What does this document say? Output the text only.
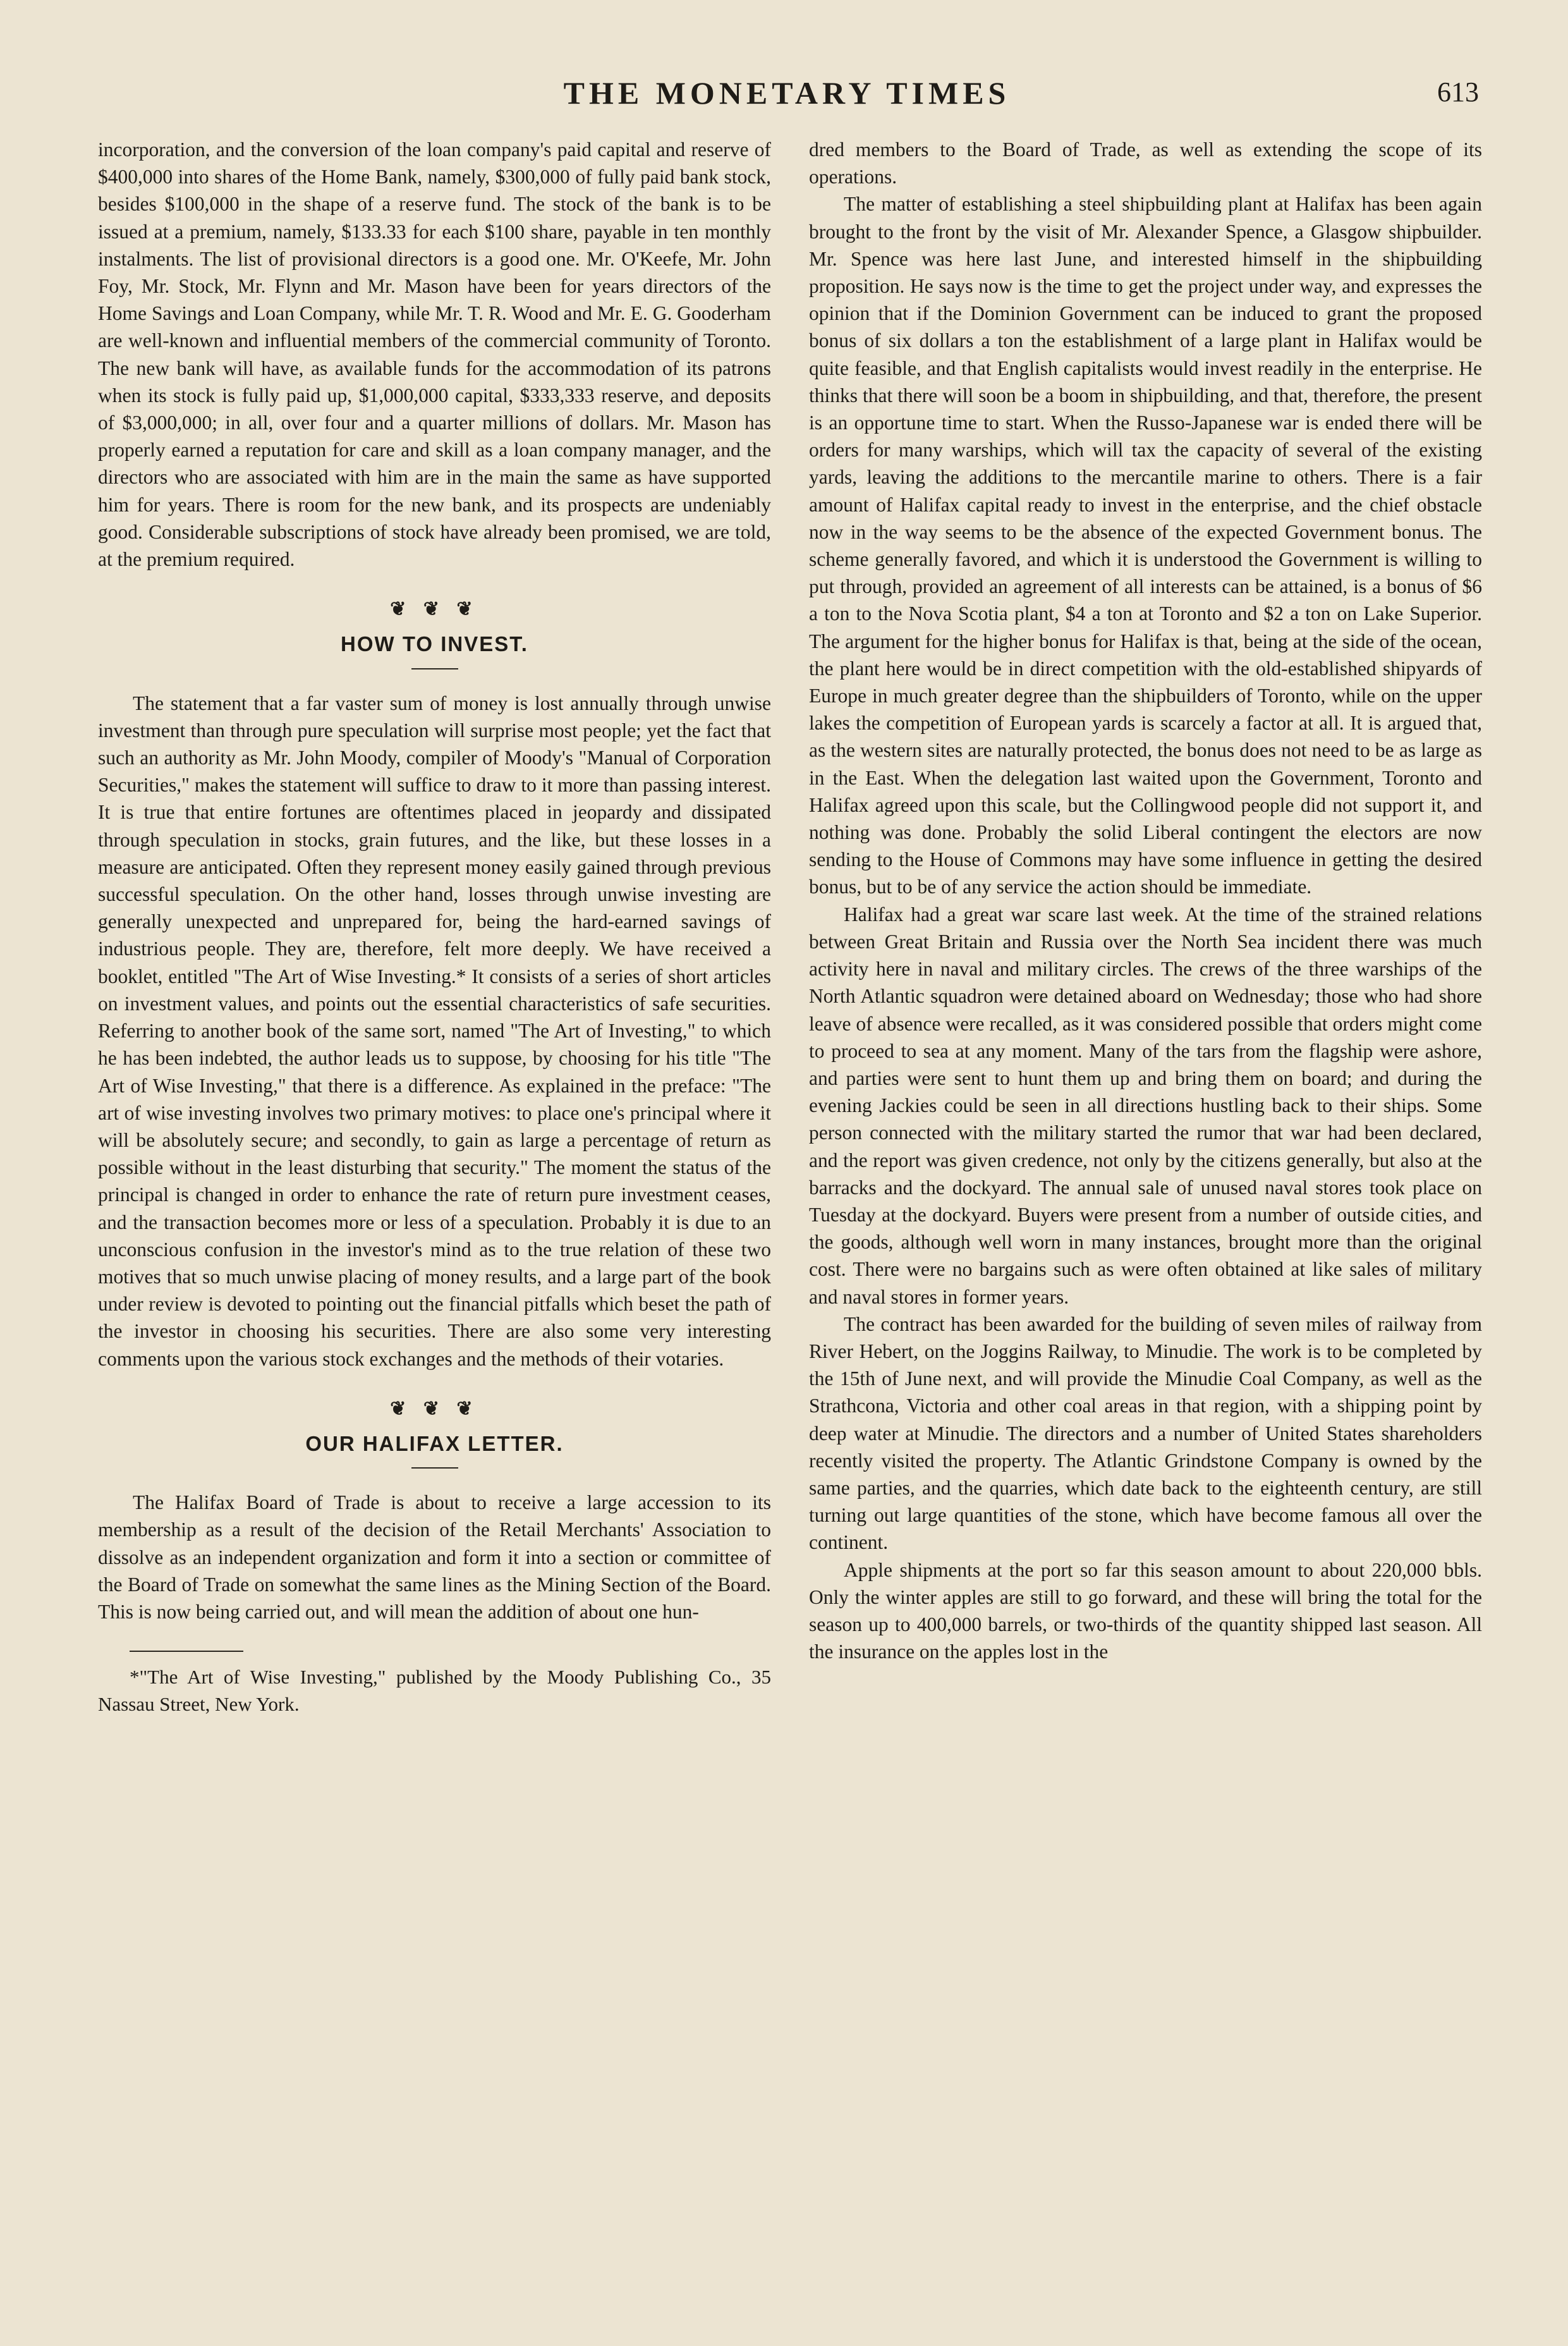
THE MONETARY TIMES	613

incorporation, and the conversion of the loan company's paid capital and reserve of $400,000 into shares of the Home Bank, namely, $300,000 of fully paid bank stock, besides $100,000 in the shape of a reserve fund. The stock of the bank is to be issued at a premium, namely, $133.33 for each $100 share, payable in ten monthly instalments. The list of provisional directors is a good one. Mr. O'Keefe, Mr. John Foy, Mr. Stock, Mr. Flynn and Mr. Mason have been for years directors of the Home Savings and Loan Company, while Mr. T. R. Wood and Mr. E. G. Gooderham are well-known and influential members of the commercial community of Toronto. The new bank will have, as available funds for the accommodation of its patrons when its stock is fully paid up, $1,000,000 capital, $333,333 reserve, and deposits of $3,000,000; in all, over four and a quarter millions of dollars. Mr. Mason has properly earned a reputation for care and skill as a loan company manager, and the directors who are associated with him are in the main the same as have supported him for years. There is room for the new bank, and its prospects are undeniably good. Considerable subscriptions of stock have already been promised, we are told, at the premium required.

❦ ❦ ❦
HOW TO INVEST.

The statement that a far vaster sum of money is lost annually through unwise investment than through pure speculation will surprise most people; yet the fact that such an authority as Mr. John Moody, compiler of Moody's "Manual of Corporation Securities," makes the statement will suffice to draw to it more than passing interest. It is true that entire fortunes are oftentimes placed in jeopardy and dissipated through speculation in stocks, grain futures, and the like, but these losses in a measure are anticipated. Often they represent money easily gained through previous successful speculation. On the other hand, losses through unwise investing are generally unexpected and unprepared for, being the hard-earned savings of industrious people. They are, therefore, felt more deeply. We have received a booklet, entitled "The Art of Wise Investing.* It consists of a series of short articles on investment values, and points out the essential characteristics of safe securities. Referring to another book of the same sort, named "The Art of Investing," to which he has been indebted, the author leads us to suppose, by choosing for his title "The Art of Wise Investing," that there is a difference. As explained in the preface: "The art of wise investing involves two primary motives: to place one's principal where it will be absolutely secure; and secondly, to gain as large a percentage of return as possible without in the least disturbing that security." The moment the status of the principal is changed in order to enhance the rate of return pure investment ceases, and the transaction becomes more or less of a speculation. Probably it is due to an unconscious confusion in the investor's mind as to the true relation of these two motives that so much unwise placing of money results, and a large part of the book under review is devoted to pointing out the financial pitfalls which beset the path of the investor in choosing his securities. There are also some very interesting comments upon the various stock exchanges and the methods of their votaries.

❦ ❦ ❦
OUR HALIFAX LETTER.

The Halifax Board of Trade is about to receive a large accession to its membership as a result of the decision of the Retail Merchants' Association to dissolve as an independent organization and form it into a section or committee of the Board of Trade on somewhat the same lines as the Mining Section of the Board. This is now being carried out, and will mean the addition of about one hun-

*"The Art of Wise Investing," published by the Moody Publishing Co., 35 Nassau Street, New York.

dred members to the Board of Trade, as well as extending the scope of its operations.

The matter of establishing a steel shipbuilding plant at Halifax has been again brought to the front by the visit of Mr. Alexander Spence, a Glasgow shipbuilder. Mr. Spence was here last June, and interested himself in the shipbuilding proposition. He says now is the time to get the project under way, and expresses the opinion that if the Dominion Government can be induced to grant the proposed bonus of six dollars a ton the establishment of a large plant in Halifax would be quite feasible, and that English capitalists would invest readily in the enterprise. He thinks that there will soon be a boom in shipbuilding, and that, therefore, the present is an opportune time to start. When the Russo-Japanese war is ended there will be orders for many warships, which will tax the capacity of several of the existing yards, leaving the additions to the mercantile marine to others. There is a fair amount of Halifax capital ready to invest in the enterprise, and the chief obstacle now in the way seems to be the absence of the expected Government bonus. The scheme generally favored, and which it is understood the Government is willing to put through, provided an agreement of all interests can be attained, is a bonus of $6 a ton to the Nova Scotia plant, $4 a ton at Toronto and $2 a ton on Lake Superior. The argument for the higher bonus for Halifax is that, being at the side of the ocean, the plant here would be in direct competition with the old-established shipyards of Europe in much greater degree than the shipbuilders of Toronto, while on the upper lakes the competition of European yards is scarcely a factor at all. It is argued that, as the western sites are naturally protected, the bonus does not need to be as large as in the East. When the delegation last waited upon the Government, Toronto and Halifax agreed upon this scale, but the Collingwood people did not support it, and nothing was done. Probably the solid Liberal contingent the electors are now sending to the House of Commons may have some influence in getting the desired bonus, but to be of any service the action should be immediate.

Halifax had a great war scare last week. At the time of the strained relations between Great Britain and Russia over the North Sea incident there was much activity here in naval and military circles. The crews of the three warships of the North Atlantic squadron were detained aboard on Wednesday; those who had shore leave of absence were recalled, as it was considered possible that orders might come to proceed to sea at any moment. Many of the tars from the flagship were ashore, and parties were sent to hunt them up and bring them on board; and during the evening Jackies could be seen in all directions hustling back to their ships. Some person connected with the military started the rumor that war had been declared, and the report was given credence, not only by the citizens generally, but also at the barracks and the dockyard. The annual sale of unused naval stores took place on Tuesday at the dockyard. Buyers were present from a number of outside cities, and the goods, although well worn in many instances, brought more than the original cost. There were no bargains such as were often obtained at like sales of military and naval stores in former years.

The contract has been awarded for the building of seven miles of railway from River Hebert, on the Joggins Railway, to Minudie. The work is to be completed by the 15th of June next, and will provide the Minudie Coal Company, as well as the Strathcona, Victoria and other coal areas in that region, with a shipping point by deep water at Minudie. The directors and a number of United States shareholders recently visited the property. The Atlantic Grindstone Company is owned by the same parties, and the quarries, which date back to the eighteenth century, are still turning out large quantities of the stone, which have become famous all over the continent.

Apple shipments at the port so far this season amount to about 220,000 bbls. Only the winter apples are still to go forward, and these will bring the total for the season up to 400,000 barrels, or two-thirds of the quantity shipped last season. All the insurance on the apples lost in the
